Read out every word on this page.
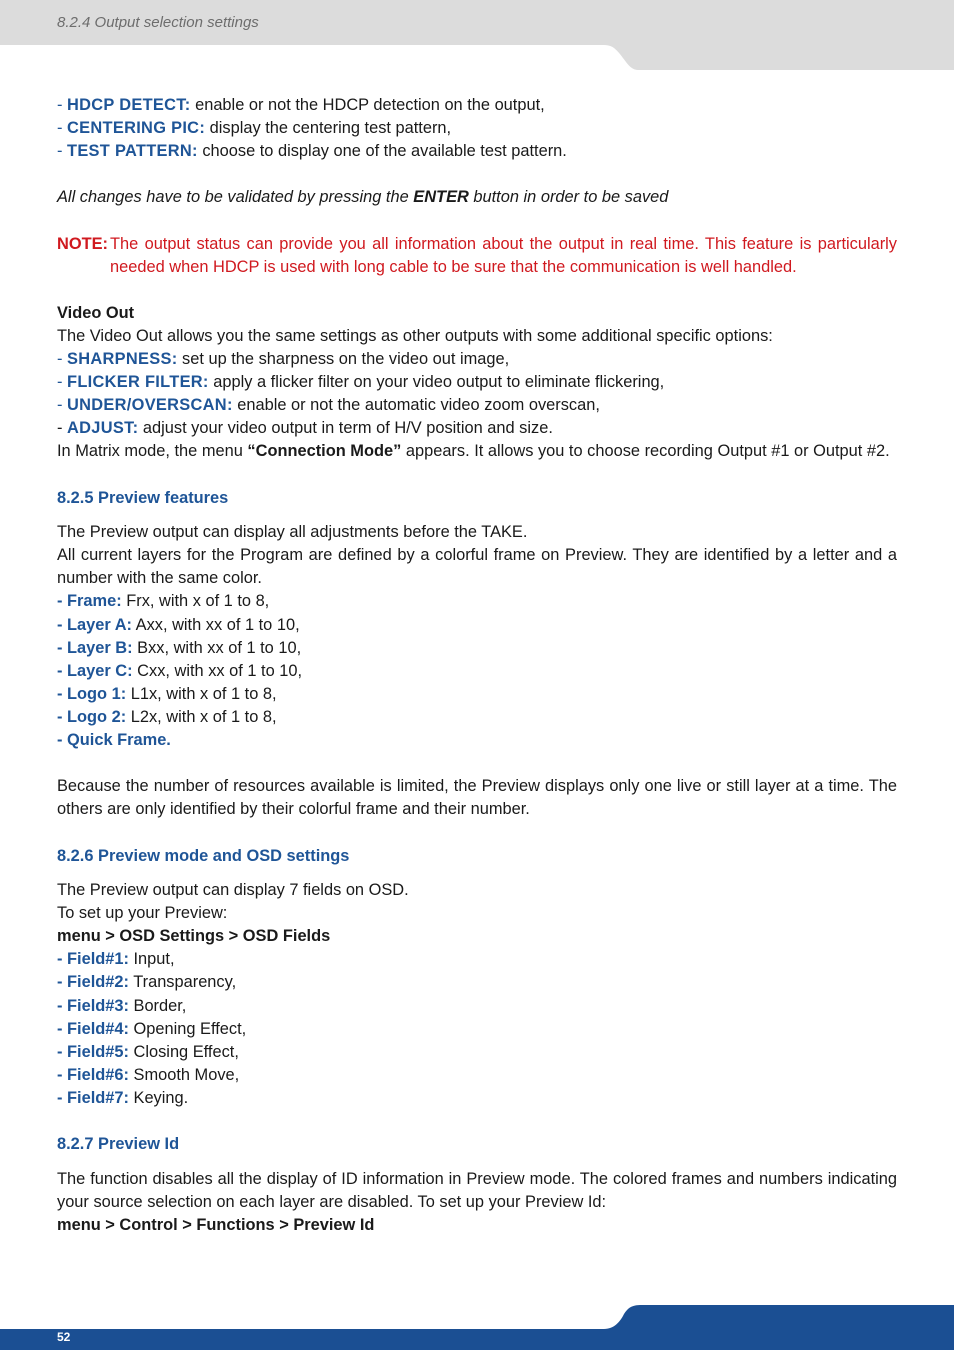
8.2.4 Output selection settings
- HDCP DETECT: enable or not the HDCP detection on the output,
- CENTERING PIC: display the centering test pattern,
- TEST PATTERN: choose to display one of the available test pattern.
All changes have to be validated by pressing the ENTER button in order to be saved
NOTE: The output status can provide you all information about the output in real time. This feature is particularly needed when HDCP is used with long cable to be sure that the communication is well handled.
Video Out
The Video Out allows you the same settings as other outputs with some additional specific options:
- SHARPNESS: set up the sharpness on the video out image,
- FLICKER FILTER: apply a flicker filter on your video output to eliminate flickering,
- UNDER/OVERSCAN: enable or not the automatic video zoom overscan,
- ADJUST: adjust your video output in term of H/V position and size.
In Matrix mode, the menu “Connection Mode” appears. It allows you to choose recording Output #1 or Output #2.
8.2.5 Preview features
The Preview output can display all adjustments before the TAKE.
All current layers for the Program are defined by a colorful frame on Preview. They are identified by a letter and a number with the same color.
- Frame: Frx, with x of 1 to 8,
- Layer A: Axx, with xx of 1 to 10,
- Layer B: Bxx, with xx of 1 to 10,
- Layer C: Cxx, with xx of 1 to 10,
- Logo 1: L1x, with x of 1 to 8,
- Logo 2: L2x, with x of 1 to 8,
- Quick Frame.
Because the number of resources available is limited, the Preview displays only one live or still layer at a time. The others are only identified by their colorful frame and their number.
8.2.6 Preview mode and OSD settings
The Preview output can display 7 fields on OSD.
To set up your Preview:
menu > OSD Settings > OSD Fields
- Field#1: Input,
- Field#2: Transparency,
- Field#3: Border,
- Field#4: Opening Effect,
- Field#5: Closing Effect,
- Field#6: Smooth Move,
- Field#7: Keying.
8.2.7 Preview Id
The function disables all the display of ID information in Preview mode. The colored frames and numbers indicating your source selection on each layer are disabled. To set up your Preview Id:
menu > Control > Functions > Preview Id
52
